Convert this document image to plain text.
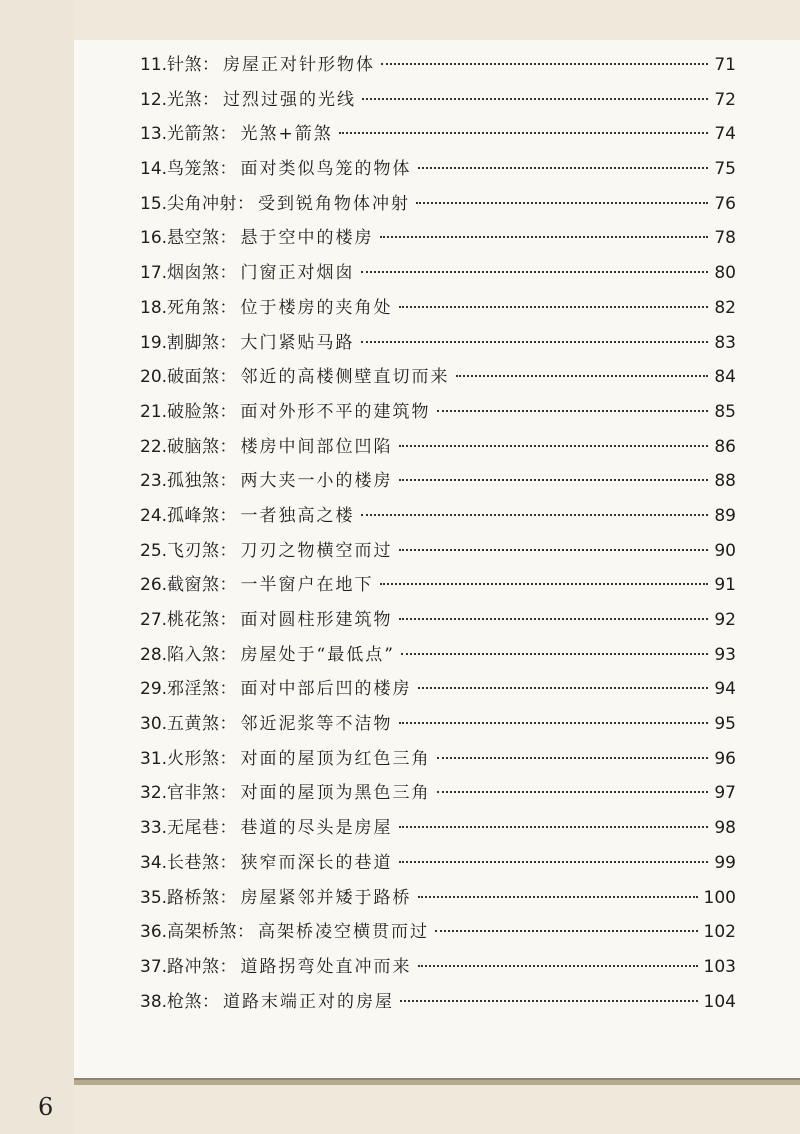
11. 针煞 ： 房屋正对针形物体	71
12. 光煞 ： 过烈过强的光线	72
13. 光箭煞 ： 光煞+箭煞	74
14. 鸟笼煞 ： 面对类似鸟笼的物体	75
15. 尖角冲射 ： 受到锐角物体冲射	76
16. 悬空煞 ： 悬于空中的楼房	78
17. 烟囱煞 ： 门窗正对烟囱	80
18. 死角煞 ： 位于楼房的夹角处	82
19. 割脚煞 ： 大门紧贴马路	83
20. 破面煞 ： 邻近的高楼侧壁直切而来	84
21. 破脸煞 ： 面对外形不平的建筑物	85
22. 破脑煞 ： 楼房中间部位凹陷	86
23. 孤独煞 ： 两大夹一小的楼房	88
24. 孤峰煞 ： 一者独高之楼	89
25. 飞刃煞 ： 刀刃之物横空而过	90
26. 截窗煞 ： 一半窗户在地下	91
27. 桃花煞 ： 面对圆柱形建筑物	92
28. 陷入煞 ： 房屋处于“最低点”	93
29. 邪淫煞 ： 面对中部后凹的楼房	94
30. 五黄煞 ： 邻近泥浆等不洁物	95
31. 火形煞 ： 对面的屋顶为红色三角	96
32. 官非煞 ： 对面的屋顶为黑色三角	97
33. 无尾巷 ： 巷道的尽头是房屋	98
34. 长巷煞 ： 狭窄而深长的巷道	99
35. 路桥煞 ： 房屋紧邻并矮于路桥	100
36. 高架桥煞 ： 高架桥凌空横贯而过	102
37. 路冲煞 ： 道路拐弯处直冲而来	103
38. 枪煞 ： 道路末端正对的房屋	104
6
